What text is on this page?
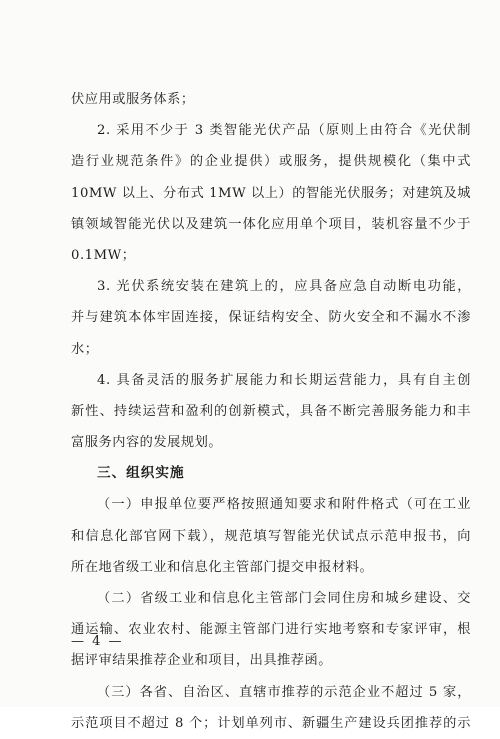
伏应用或服务体系；
2. 采用不少于 3 类智能光伏产品（原则上由符合《光伏制
造行业规范条件》的企业提供）或服务，提供规模化（集中式
10MW 以上、分布式 1MW 以上）的智能光伏服务；对建筑及城
镇领域智能光伏以及建筑一体化应用单个项目，装机容量不少于
0.1MW；
3. 光伏系统安装在建筑上的，应具备应急自动断电功能，
并与建筑本体牢固连接，保证结构安全、防火安全和不漏水不渗
水；
4. 具备灵活的服务扩展能力和长期运营能力，具有自主创
新性、持续运营和盈利的创新模式，具备不断完善服务能力和丰
富服务内容的发展规划。
三、组织实施
（一）申报单位要严格按照通知要求和附件格式（可在工业
和信息化部官网下载），规范填写智能光伏试点示范申报书，向
所在地省级工业和信息化主管部门提交申报材料。
（二）省级工业和信息化主管部门会同住房和城乡建设、交
通运输、农业农村、能源主管部门进行实地考察和专家评审，根
据评审结果推荐企业和项目，出具推荐函。
（三）各省、自治区、直辖市推荐的示范企业不超过 5 家，
示范项目不超过 8 个；计划单列市、新疆生产建设兵团推荐的示
— 4 —
